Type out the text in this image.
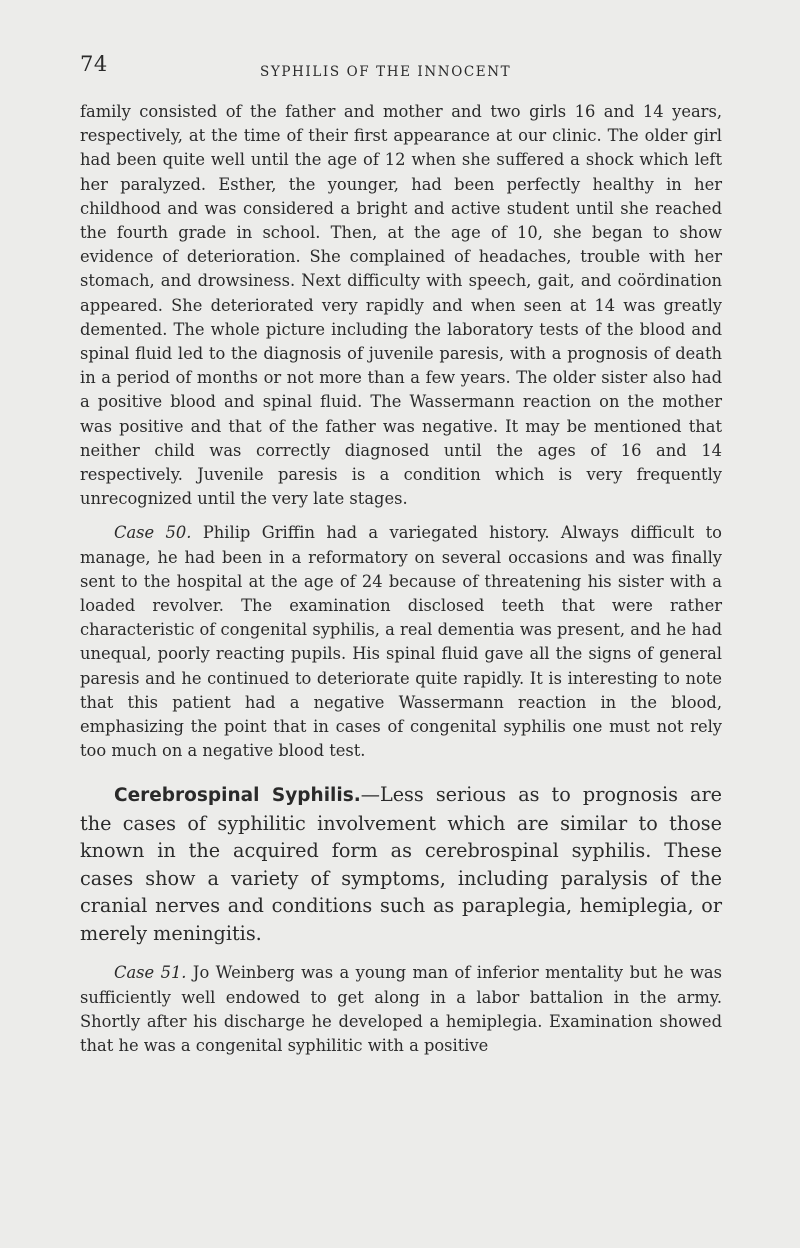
74	SYPHILIS OF THE INNOCENT

family consisted of the father and mother and two girls 16 and 14 years, respectively, at the time of their first appearance at our clinic. The older girl had been quite well until the age of 12 when she suffered a shock which left her paralyzed. Esther, the younger, had been perfectly healthy in her childhood and was considered a bright and active student until she reached the fourth grade in school. Then, at the age of 10, she began to show evidence of deterioration. She complained of headaches, trouble with her stomach, and drowsiness. Next difficulty with speech, gait, and coördination appeared. She deteriorated very rapidly and when seen at 14 was greatly demented. The whole picture including the laboratory tests of the blood and spinal fluid led to the diagnosis of juvenile paresis, with a prognosis of death in a period of months or not more than a few years. The older sister also had a positive blood and spinal fluid. The Wassermann reaction on the mother was positive and that of the father was negative. It may be mentioned that neither child was correctly diagnosed until the ages of 16 and 14 respectively. Juvenile paresis is a condition which is very frequently unrecognized until the very late stages.

Case 50. Philip Griffin had a variegated history. Always difficult to manage, he had been in a reformatory on several occasions and was finally sent to the hospital at the age of 24 because of threatening his sister with a loaded revolver. The examination disclosed teeth that were rather characteristic of congenital syphilis, a real dementia was present, and he had unequal, poorly reacting pupils. His spinal fluid gave all the signs of general paresis and he continued to deteriorate quite rapidly. It is interesting to note that this patient had a negative Wassermann reaction in the blood, emphasizing the point that in cases of congenital syphilis one must not rely too much on a negative blood test.

Cerebrospinal Syphilis.—Less serious as to prognosis are the cases of syphilitic involvement which are similar to those known in the acquired form as cerebrospinal syphilis. These cases show a variety of symptoms, including paralysis of the cranial nerves and conditions such as paraplegia, hemiplegia, or merely meningitis.

Case 51. Jo Weinberg was a young man of inferior mentality but he was sufficiently well endowed to get along in a labor battalion in the army. Shortly after his discharge he developed a hemiplegia. Examination showed that he was a congenital syphilitic with a positive
